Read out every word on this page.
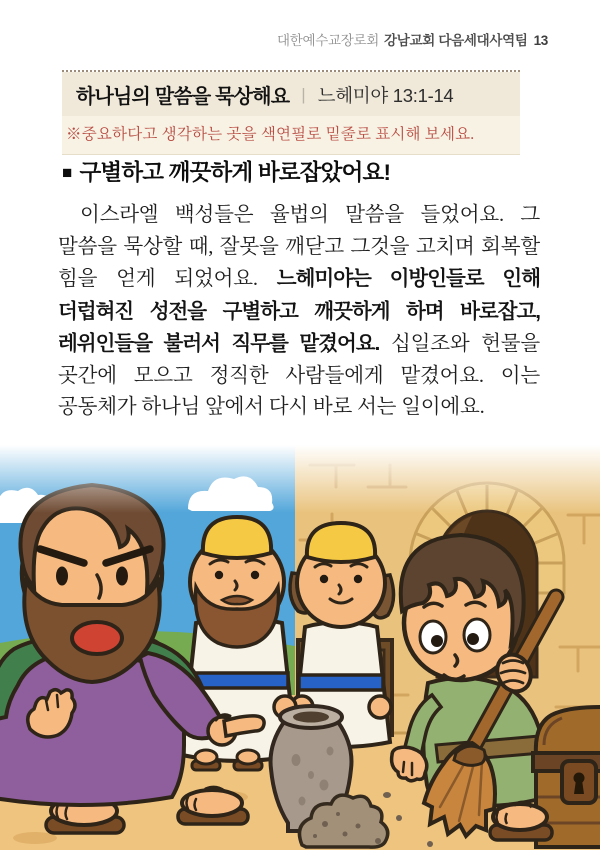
대한예수교장로회 강남교회 다음세대사역팀 13
하나님의 말씀을 묵상해요 | 느헤미야 13:1-14
※중요하다고 생각하는 곳을 색연필로 밑줄로 표시해 보세요.
■ 구별하고 깨끗하게 바로잡았어요!

이스라엘 백성들은 율법의 말씀을 들었어요. 그 말씀을 묵상할 때, 잘못을 깨닫고 그것을 고치며 회복할 힘을 얻게 되었어요. 느헤미야는 이방인들로 인해 더럽혀진 성전을 구별하고 깨끗하게 하며 바로잡고, 레위인들을 불러서 직무를 맡겼어요. 십일조와 헌물을 곳간에 모으고 정직한 사람들에게 맡겼어요. 이는 공동체가 하나님 앞에서 다시 바로 서는 일이에요.
